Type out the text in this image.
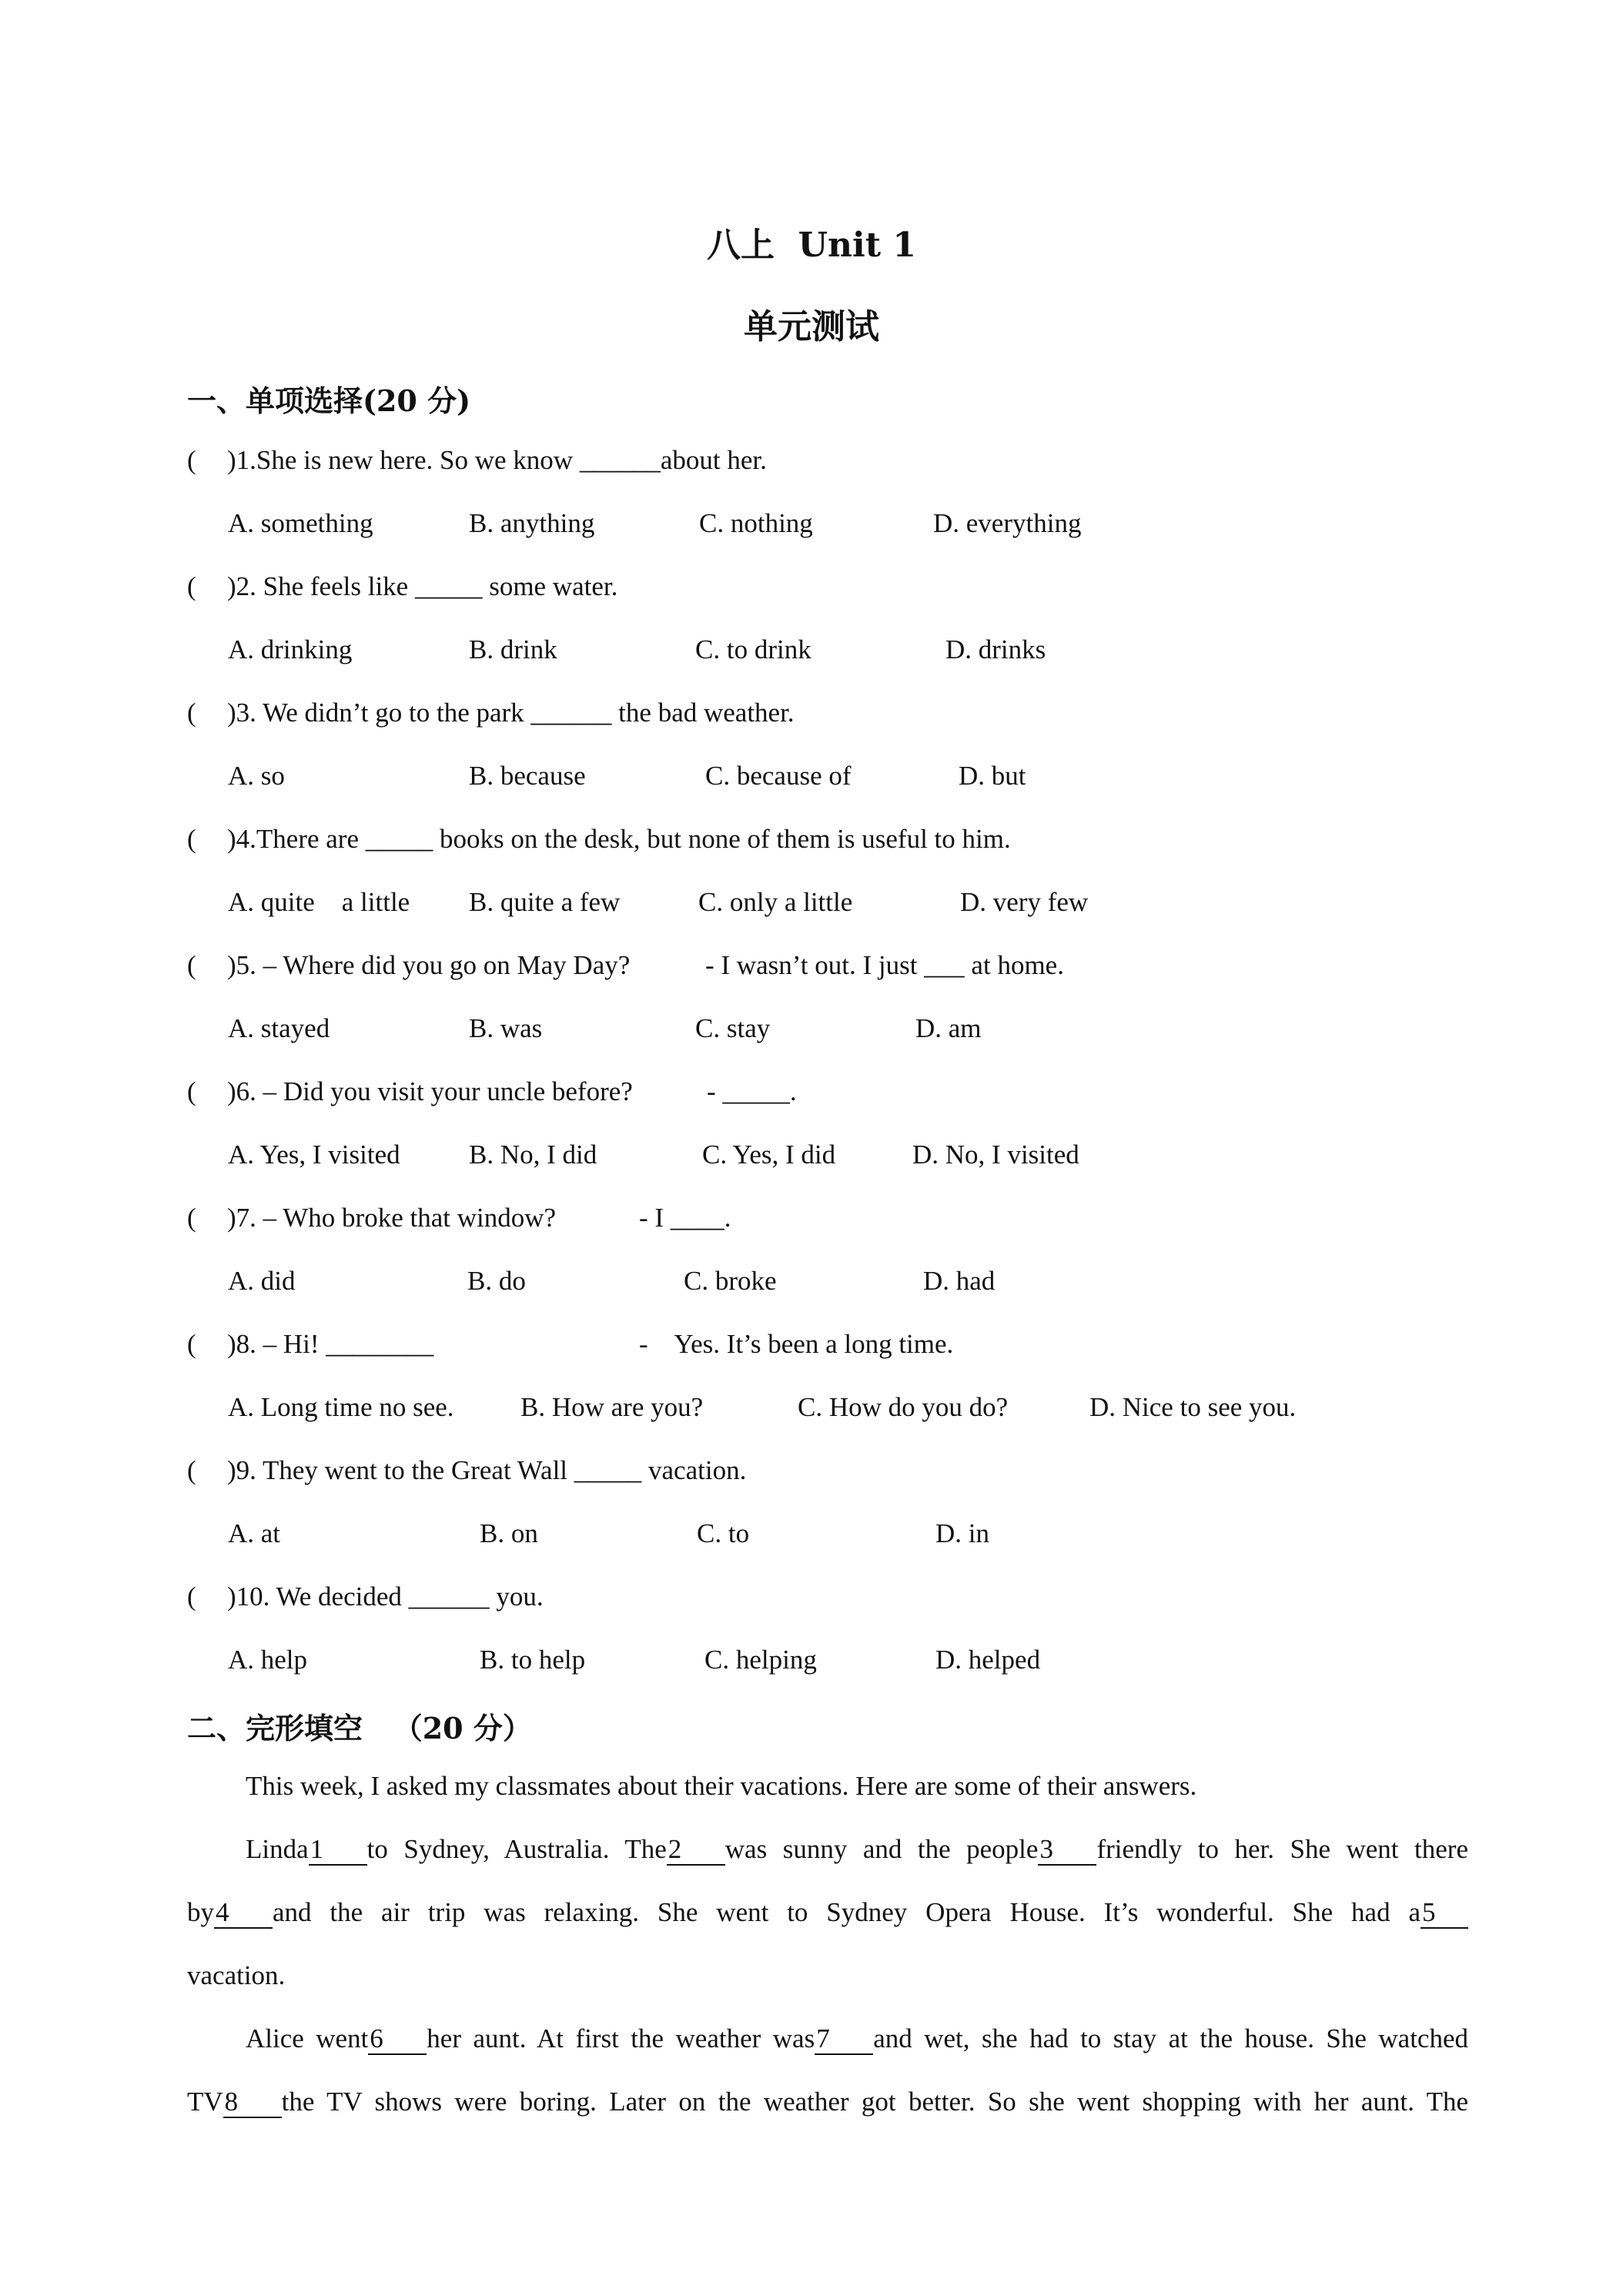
八上  Unit 1
单元测试
一、单项选择(20 分)
( )1.She is new here. So we know ______about her.
A. something	B. anything	C. nothing	D. everything
( )2. She feels like _____ some water.
A. drinking	B. drink	C. to drink	D. drinks
( )3. We didn’t go to the park ______ the bad weather.
A. so	B. because	C. because of	D. but
( )4.There are _____ books on the desk, but none of them is useful to him.
A. quite    a little B. quite a few	C. only a little	D. very few
( )5. – Where did you go on May Day?	- I wasn’t out. I just ___ at home.
A. stayed	B. was	C. stay	D. am
( )6. – Did you visit your uncle before?	- _____.
A. Yes, I visited	B. No, I did	C. Yes, I did	D. No, I visited
( )7. – Who broke that window?	- I ____.
A. did	B. do	C. broke	D. had
( )8. – Hi! ________	-    Yes. It’s been a long time.
A. Long time no see. B. How are you?	C. How do you do?	D. Nice to see you.
( )9. They went to the Great Wall _____ vacation.
A. at	B. on	C. to	D. in
( )10. We decided ______ you.
A. help	B. to help	C. helping	D. helped
二、完形填空   （20 分）
This week, I asked my classmates about their vacations. Here are some of their answers.
Linda1 to Sydney, Australia. The2 was sunny and the people3 friendly to her. She went there
by4 and the air trip was relaxing. She went to Sydney Opera House. It’s wonderful. She had a5
vacation.
Alice went6 her aunt. At first the weather was7 and wet, she had to stay at the house. She watched
TV8 the TV shows were boring. Later on the weather got better. So she went shopping with her aunt. The
